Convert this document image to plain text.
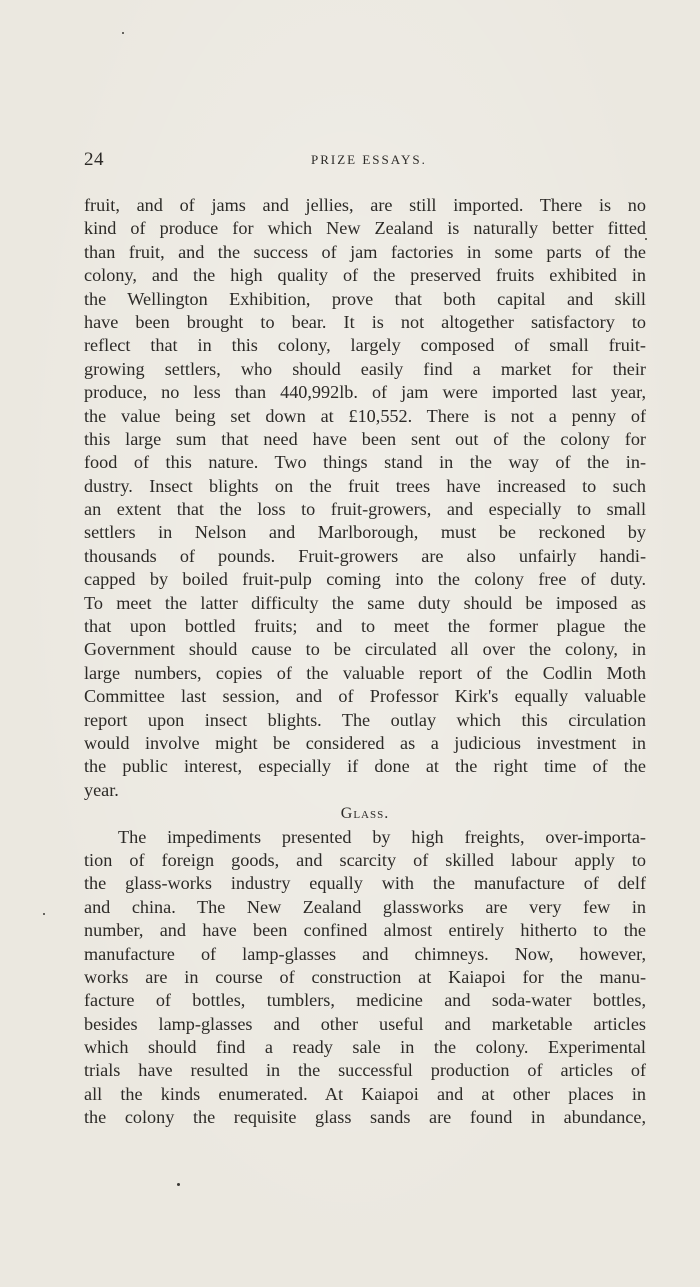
24	PRIZE ESSAYS.
fruit, and of jams and jellies, are still imported. There is no
kind of produce for which New Zealand is naturally better fitted
than fruit, and the success of jam factories in some parts of the
colony, and the high quality of the preserved fruits exhibited in
the Wellington Exhibition, prove that both capital and skill
have been brought to bear. It is not altogether satisfactory to
reflect that in this colony, largely composed of small fruit-
growing settlers, who should easily find a market for their
produce, no less than 440,992lb. of jam were imported last year,
the value being set down at £10,552. There is not a penny of
this large sum that need have been sent out of the colony for
food of this nature. Two things stand in the way of the in-
dustry. Insect blights on the fruit trees have increased to such
an extent that the loss to fruit-growers, and especially to small
settlers in Nelson and Marlborough, must be reckoned by
thousands of pounds. Fruit-growers are also unfairly handi-
capped by boiled fruit-pulp coming into the colony free of duty.
To meet the latter difficulty the same duty should be imposed as
that upon bottled fruits; and to meet the former plague the
Government should cause to be circulated all over the colony, in
large numbers, copies of the valuable report of the Codlin Moth
Committee last session, and of Professor Kirk's equally valuable
report upon insect blights. The outlay which this circulation
would involve might be considered as a judicious investment in
the public interest, especially if done at the right time of the
year.
Glass.
The impediments presented by high freights, over-importa-
tion of foreign goods, and scarcity of skilled labour apply to
the glass-works industry equally with the manufacture of delf
and china. The New Zealand glassworks are very few in
number, and have been confined almost entirely hitherto to the
manufacture of lamp-glasses and chimneys. Now, however,
works are in course of construction at Kaiapoi for the manu-
facture of bottles, tumblers, medicine and soda-water bottles,
besides lamp-glasses and other useful and marketable articles
which should find a ready sale in the colony. Experimental
trials have resulted in the successful production of articles of
all the kinds enumerated. At Kaiapoi and at other places in
the colony the requisite glass sands are found in abundance,
